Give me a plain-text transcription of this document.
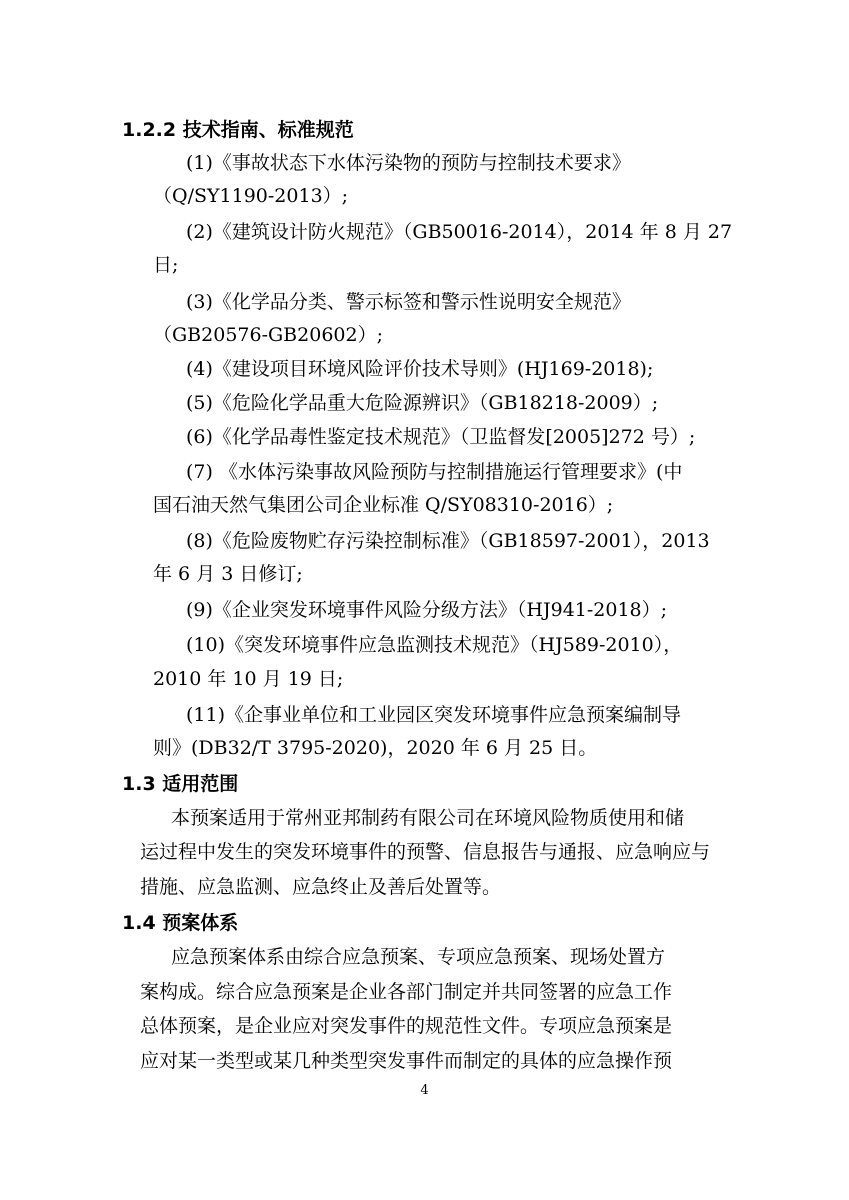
1.2.2 技术指南、标准规范
(1)《事故状态下水体污染物的预防与控制技术要求》
（Q/SY1190-2013）;
(2)《建筑设计防火规范》（GB50016-2014），2014 年 8 月 27
日;
(3)《化学品分类、警示标签和警示性说明安全规范》
（GB20576-GB20602）;
(4)《建设项目环境风险评价技术导则》(HJ169-2018);
(5)《危险化学品重大危险源辨识》（GB18218-2009）;
(6)《化学品毒性鉴定技术规范》（卫监督发[2005]272 号）;
(7) 《水体污染事故风险预防与控制措施运行管理要求》(中
国石油天然气集团公司企业标准 Q/SY08310-2016）;
(8)《危险废物贮存污染控制标准》（GB18597-2001），2013
年 6 月 3 日修订;
(9)《企业突发环境事件风险分级方法》（HJ941-2018）;
(10)《突发环境事件应急监测技术规范》（HJ589-2010），
2010 年 10 月 19 日;
(11)《企事业单位和工业园区突发环境事件应急预案编制导
则》(DB32/T 3795-2020)，2020 年 6 月 25 日。
1.3 适用范围
本预案适用于常州亚邦制药有限公司在环境风险物质使用和储
运过程中发生的突发环境事件的预警、信息报告与通报、应急响应与
措施、应急监测、应急终止及善后处置等。
1.4 预案体系
应急预案体系由综合应急预案、专项应急预案、现场处置方
案构成。综合应急预案是企业各部门制定并共同签署的应急工作
总体预案，是企业应对突发事件的规范性文件。专项应急预案是
应对某一类型或某几种类型突发事件而制定的具体的应急操作预
4
